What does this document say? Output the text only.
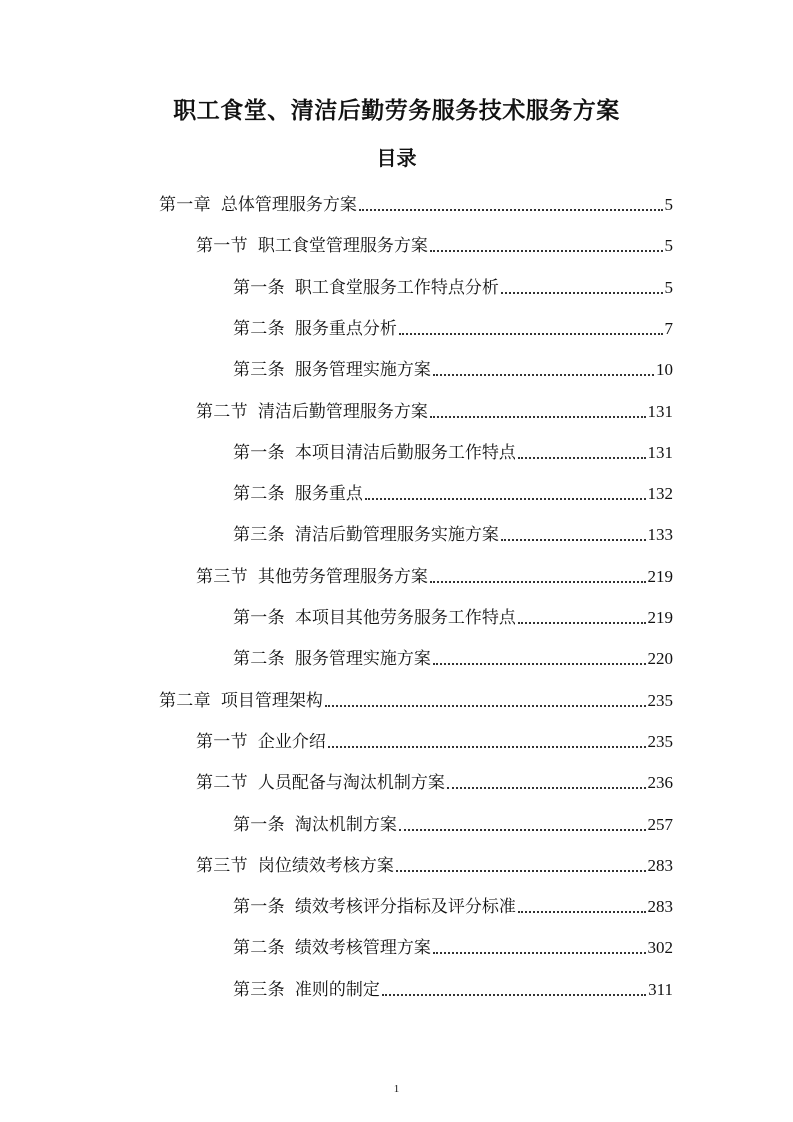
职工食堂、清洁后勤劳务服务技术服务方案
目录
第一章 总体管理服务方案	5
第一节 职工食堂管理服务方案	5
第一条 职工食堂服务工作特点分析	5
第二条 服务重点分析	7
第三条 服务管理实施方案	10
第二节 清洁后勤管理服务方案	131
第一条 本项目清洁后勤服务工作特点	131
第二条 服务重点	132
第三条 清洁后勤管理服务实施方案	133
第三节 其他劳务管理服务方案	219
第一条 本项目其他劳务服务工作特点	219
第二条 服务管理实施方案	220
第二章 项目管理架构	235
第一节 企业介绍	235
第二节 人员配备与淘汰机制方案	236
第一条 淘汰机制方案	257
第三节 岗位绩效考核方案	283
第一条 绩效考核评分指标及评分标准	283
第二条 绩效考核管理方案	302
第三条 准则的制定	311
1
